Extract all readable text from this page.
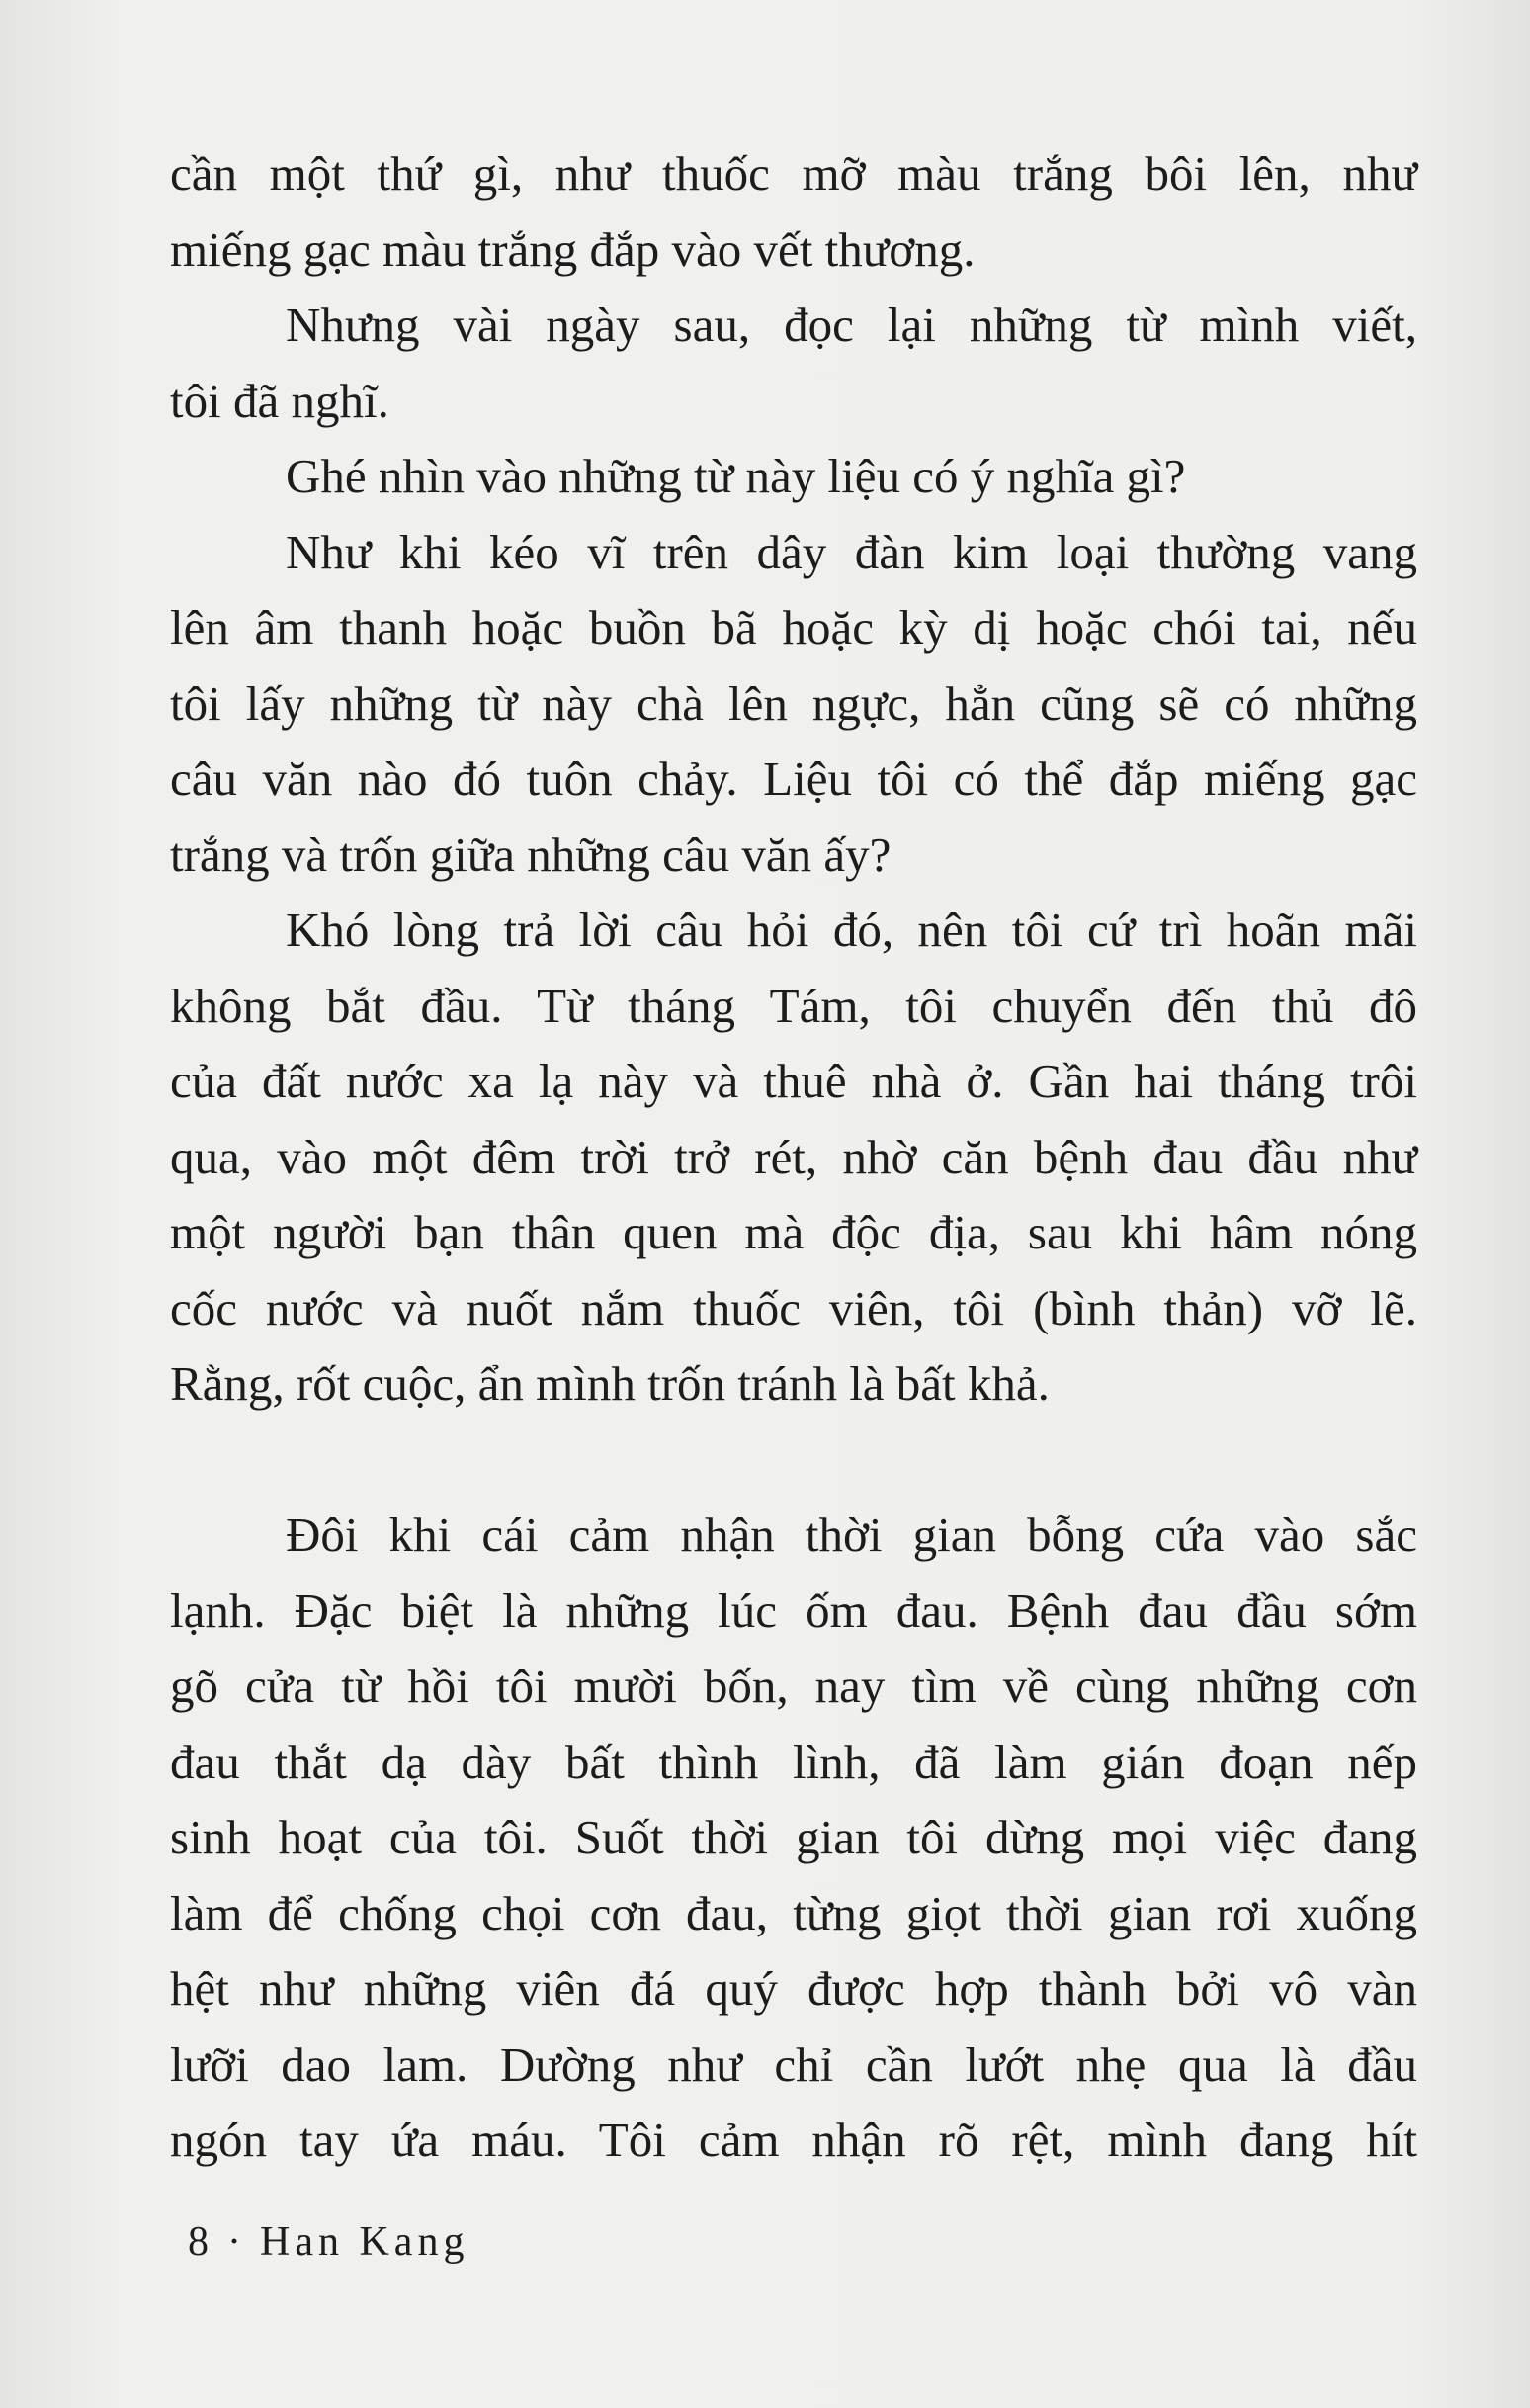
cần một thứ gì, như thuốc mỡ màu trắng bôi lên, như
miếng gạc màu trắng đắp vào vết thương.
Nhưng vài ngày sau, đọc lại những từ mình viết,
tôi đã nghĩ.
Ghé nhìn vào những từ này liệu có ý nghĩa gì?
Như khi kéo vĩ trên dây đàn kim loại thường vang
lên âm thanh hoặc buồn bã hoặc kỳ dị hoặc chói tai, nếu
tôi lấy những từ này chà lên ngực, hẳn cũng sẽ có những
câu văn nào đó tuôn chảy. Liệu tôi có thể đắp miếng gạc
trắng và trốn giữa những câu văn ấy?
Khó lòng trả lời câu hỏi đó, nên tôi cứ trì hoãn mãi
không bắt đầu. Từ tháng Tám, tôi chuyển đến thủ đô
của đất nước xa lạ này và thuê nhà ở. Gần hai tháng trôi
qua, vào một đêm trời trở rét, nhờ căn bệnh đau đầu như
một người bạn thân quen mà độc địa, sau khi hâm nóng
cốc nước và nuốt nắm thuốc viên, tôi (bình thản) vỡ lẽ.
Rằng, rốt cuộc, ẩn mình trốn tránh là bất khả.
Đôi khi cái cảm nhận thời gian bỗng cứa vào sắc
lạnh. Đặc biệt là những lúc ốm đau. Bệnh đau đầu sớm
gõ cửa từ hồi tôi mười bốn, nay tìm về cùng những cơn
đau thắt dạ dày bất thình lình, đã làm gián đoạn nếp
sinh hoạt của tôi. Suốt thời gian tôi dừng mọi việc đang
làm để chống chọi cơn đau, từng giọt thời gian rơi xuống
hệt như những viên đá quý được hợp thành bởi vô vàn
lưỡi dao lam. Dường như chỉ cần lướt nhẹ qua là đầu
ngón tay ứa máu. Tôi cảm nhận rõ rệt, mình đang hít
8 · Han Kang
